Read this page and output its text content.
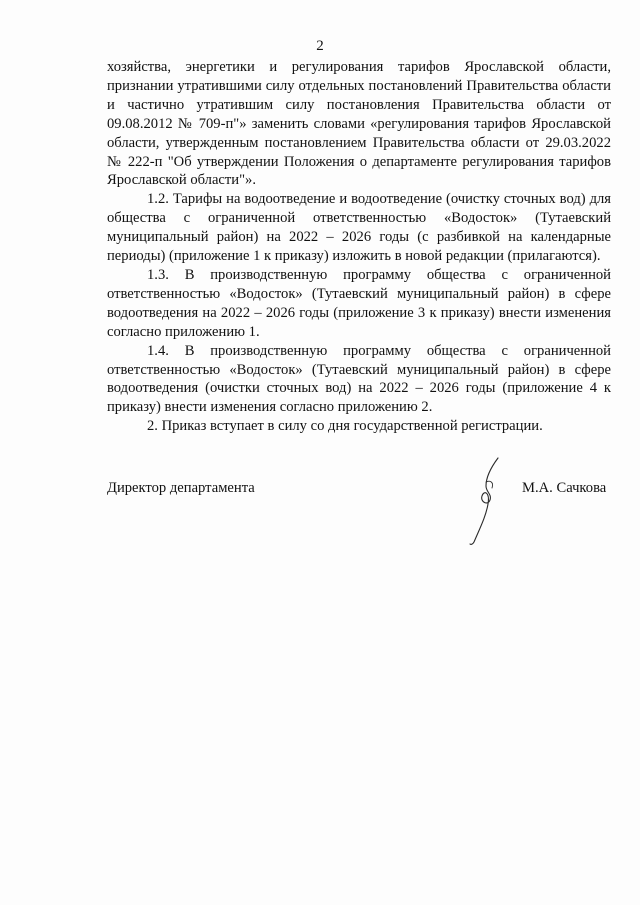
2

хозяйства, энергетики и регулирования тарифов Ярославской области, признании утратившими силу отдельных постановлений Правительства области и частично утратившим силу постановления Правительства области от 09.08.2012 № 709-п"» заменить словами «регулирования тарифов Ярославской области, утвержденным постановлением Правительства области от 29.03.2022 № 222-п "Об утверждении Положения о департаменте регулирования тарифов Ярославской области"».

1.2. Тарифы на водоотведение и водоотведение (очистку сточных вод) для общества с ограниченной ответственностью «Водосток» (Тутаевский муниципальный район) на 2022 – 2026 годы (с разбивкой на календарные периоды) (приложение 1 к приказу) изложить в новой редакции (прилагаются).

1.3. В производственную программу общества с ограниченной ответственностью «Водосток» (Тутаевский муниципальный район) в сфере водоотведения на 2022 – 2026 годы (приложение 3 к приказу) внести изменения согласно приложению 1.

1.4. В производственную программу общества с ограниченной ответственностью «Водосток» (Тутаевский муниципальный район) в сфере водоотведения (очистки сточных вод) на 2022 – 2026 годы (приложение 4 к приказу) внести изменения согласно приложению 2.

2. Приказ вступает в силу со дня государственной регистрации.

Директор департамента	М.А. Сачкова
